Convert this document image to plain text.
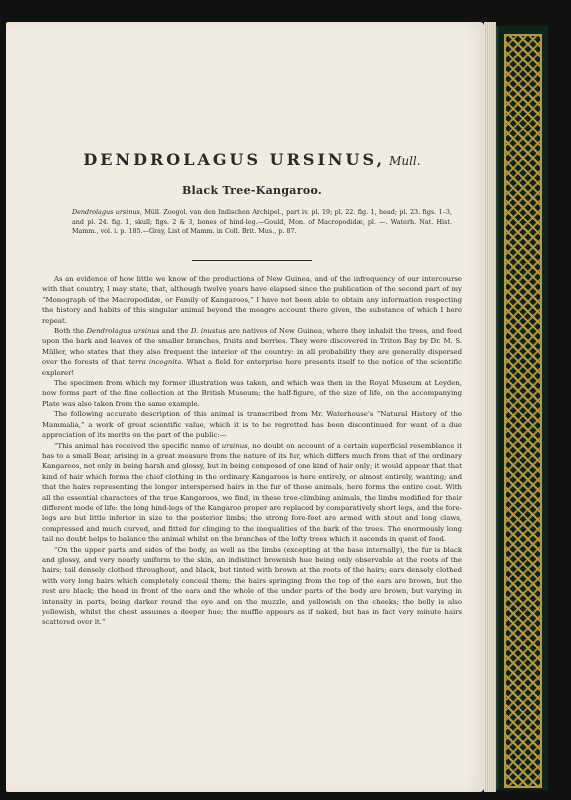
DENDROLAGUS URSINUS, Mull.
Black Tree-Kangaroo.
Dendrolagus ursinus, Müll. Zoogol. van den Indischen Archipel., part iv. pl. 19; pl. 22. fig. 1, head; pl. 23. figs. 1–3, and pl. 24. fig. 1, skull; figs. 2 & 3, bones of hind-leg.—Gould, Mon. of Macropodidæ, pl. —. Waterh. Nat. Hist. Mamm., vol. i. p. 185.—Gray, List of Mamm. in Coll. Brit. Mus., p. 87.

As an evidence of how little we know of the productions of New Guinea, and of the infrequency of our intercourse with that country, I may state, that, although twelve years have elapsed since the publication of the second part of my “Monograph of the Macropodidæ, or Family of Kangaroos,” I have not been able to obtain any information respecting the history and habits of this singular animal beyond the meagre account there given, the substance of which I here repeat.

Both the Dendrolagus ursinus and the D. inustus are natives of New Guinea, where they inhabit the trees, and feed upon the bark and leaves of the smaller branches, fruits and berries. They were discovered in Triton Bay by Dr. M. S. Müller, who states that they also frequent the interior of the country: in all probability they are generally dispersed over the forests of that terra incognita. What a field for enterprise here presents itself to the notice of the scientific explorer!

The specimen from which my former illustration was taken, and which was then in the Royal Museum at Leyden, now forms part of the fine collection at the British Museum; the half-figure, of the size of life, on the accompanying Plate was also taken from the same example.

The following accurate description of this animal is transcribed from Mr. Waterhouse's “Natural History of the Mammalia,” a work of great scientific value, which it is to be regretted has been discontinued for want of a due appreciation of its merits on the part of the public:—

“This animal has received the specific name of ursinus, no doubt on account of a certain superficial resemblance it has to a small Bear, arising in a great measure from the nature of its fur, which differs much from that of the ordinary Kangaroos, not only in being harsh and glossy, but in being composed of one kind of hair only; it would appear that that kind of hair which forms the chief clothing in the ordinary Kangaroos is here entirely, or almost entirely, wanting; and that the hairs representing the longer interspersed hairs in the fur of those animals, here forms the entire coat. With all the essential characters of the true Kangaroos, we find, in these tree-climbing animals, the limbs modified for their different mode of life: the long hind-legs of the Kangaroo proper are replaced by comparatively short legs, and the fore-legs are but little inferior in size to the posterior limbs; the strong fore-feet are armed with stout and long claws, compressed and much curved, and fitted for clinging to the inequalities of the bark of the trees. The enormously long tail no doubt helps to balance the animal whilst on the branches of the lofty trees which it ascends in quest of food.

“On the upper parts and sides of the body, as well as the limbs (excepting at the base internally), the fur is black and glossy, and very nearly uniform to the skin, an indistinct brownish hue being only observable at the roots of the hairs; tail densely clothed throughout, and black, but tinted with brown at the roots of the hairs; ears densely clothed with very long hairs which completely conceal them; the hairs springing from the top of the ears are brown, but the rest are black; the head in front of the ears and the whole of the under parts of the body are brown, but varying in intensity in parts, being darker round the eye and on the muzzle, and yellowish on the cheeks; the belly is also yellowish, whilst the chest assumes a deeper hue; the muffle appears as if naked, but has in fact very minute hairs scattered over it.”
